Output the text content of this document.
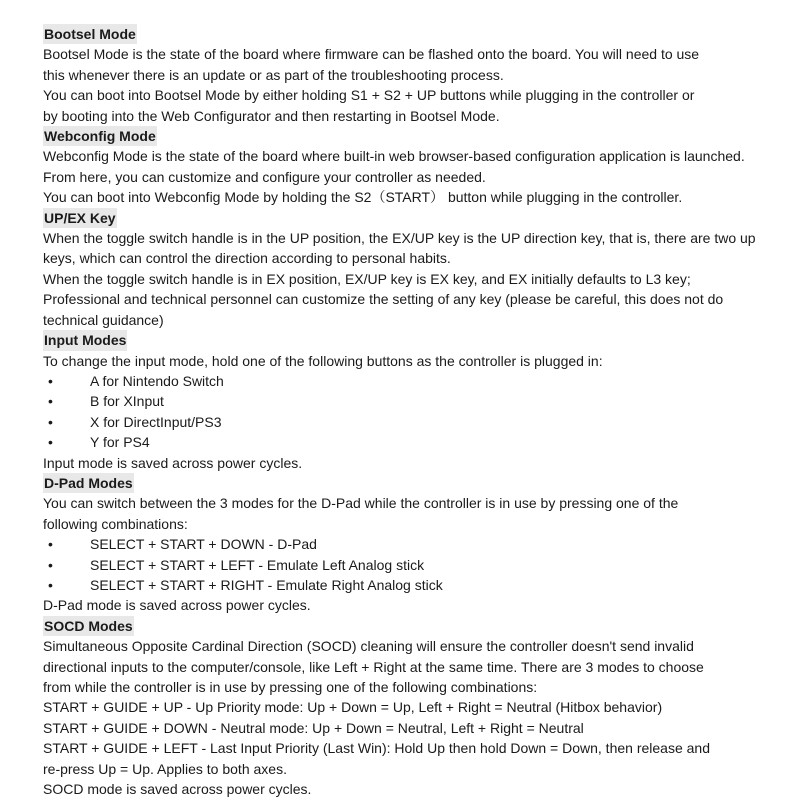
Bootsel Mode
Bootsel Mode is the state of the board where firmware can be flashed onto the board. You will need to use
this whenever there is an update or as part of the troubleshooting process.
You can boot into Bootsel Mode by either holding S1 + S2 + UP buttons while plugging in the controller or
by booting into the Web Configurator and then restarting in Bootsel Mode.
Webconfig Mode
Webconfig Mode is the state of the board where built-in web browser-based configuration application is launched.
From here, you can customize and configure your controller as needed.
You can boot into Webconfig Mode by holding the S2（START） button while plugging in the controller.
UP/EX Key
When the toggle switch handle is in the UP position, the EX/UP key is the UP direction key, that is, there are two up
keys, which can control the direction according to personal habits.
When the toggle switch handle is in EX position, EX/UP key is EX key, and EX initially defaults to L3 key;
Professional and technical personnel can customize the setting of any key (please be careful, this does not do
technical guidance)
Input Modes
To change the input mode, hold one of the following buttons as the controller is plugged in:
•	A for Nintendo Switch
•	B for XInput
•	X for DirectInput/PS3
•	Y for PS4
Input mode is saved across power cycles.
D-Pad Modes
You can switch between the 3 modes for the D-Pad while the controller is in use by pressing one of the
following combinations:
•	SELECT + START + DOWN - D-Pad
•	SELECT + START + LEFT - Emulate Left Analog stick
•	SELECT + START + RIGHT - Emulate Right Analog stick
D-Pad mode is saved across power cycles.
SOCD Modes
Simultaneous Opposite Cardinal Direction (SOCD) cleaning will ensure the controller doesn't send invalid
directional inputs to the computer/console, like Left + Right at the same time. There are 3 modes to choose
from while the controller is in use by pressing one of the following combinations:
START + GUIDE + UP - Up Priority mode: Up + Down = Up, Left + Right = Neutral (Hitbox behavior)
START + GUIDE + DOWN - Neutral mode: Up + Down = Neutral, Left + Right = Neutral
START + GUIDE + LEFT - Last Input Priority (Last Win): Hold Up then hold Down = Down, then release and
re-press Up = Up. Applies to both axes.
SOCD mode is saved across power cycles.
